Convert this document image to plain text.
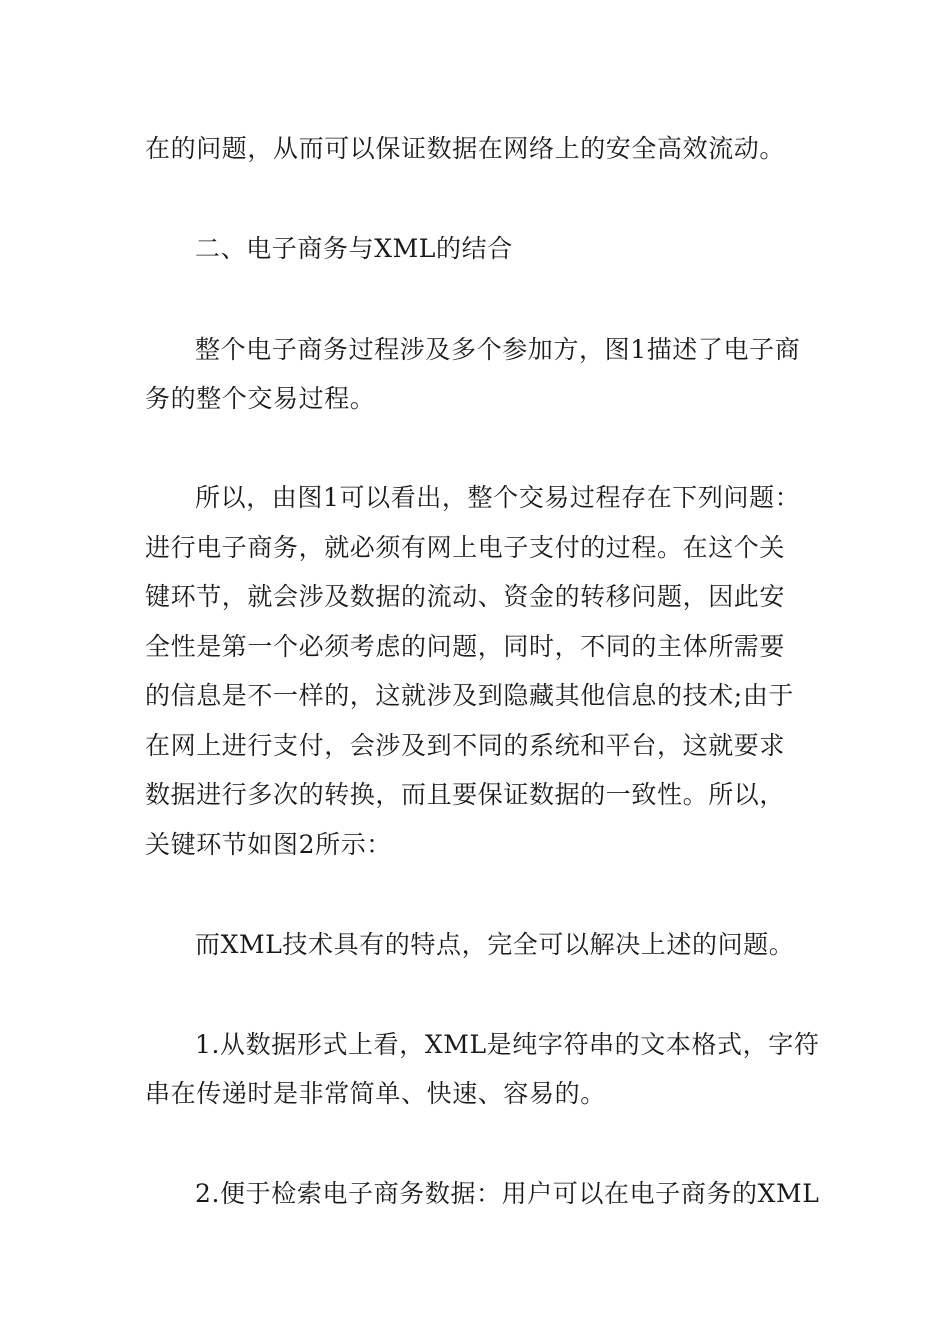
在的问题，从而可以保证数据在网络上的安全高效流动。
二、电子商务与XML的结合
整个电子商务过程涉及多个参加方，图1描述了电子商
务的整个交易过程。
所以，由图1可以看出，整个交易过程存在下列问题：
进行电子商务，就必须有网上电子支付的过程。在这个关
键环节，就会涉及数据的流动、资金的转移问题，因此安
全性是第一个必须考虑的问题，同时，不同的主体所需要
的信息是不一样的，这就涉及到隐藏其他信息的技术;由于
在网上进行支付，会涉及到不同的系统和平台，这就要求
数据进行多次的转换，而且要保证数据的一致性。所以，
关键环节如图2所示：
而XML技术具有的特点，完全可以解决上述的问题。
1.从数据形式上看，XML是纯字符串的文本格式，字符
串在传递时是非常简单、快速、容易的。
2.便于检索电子商务数据：用户可以在电子商务的XML
